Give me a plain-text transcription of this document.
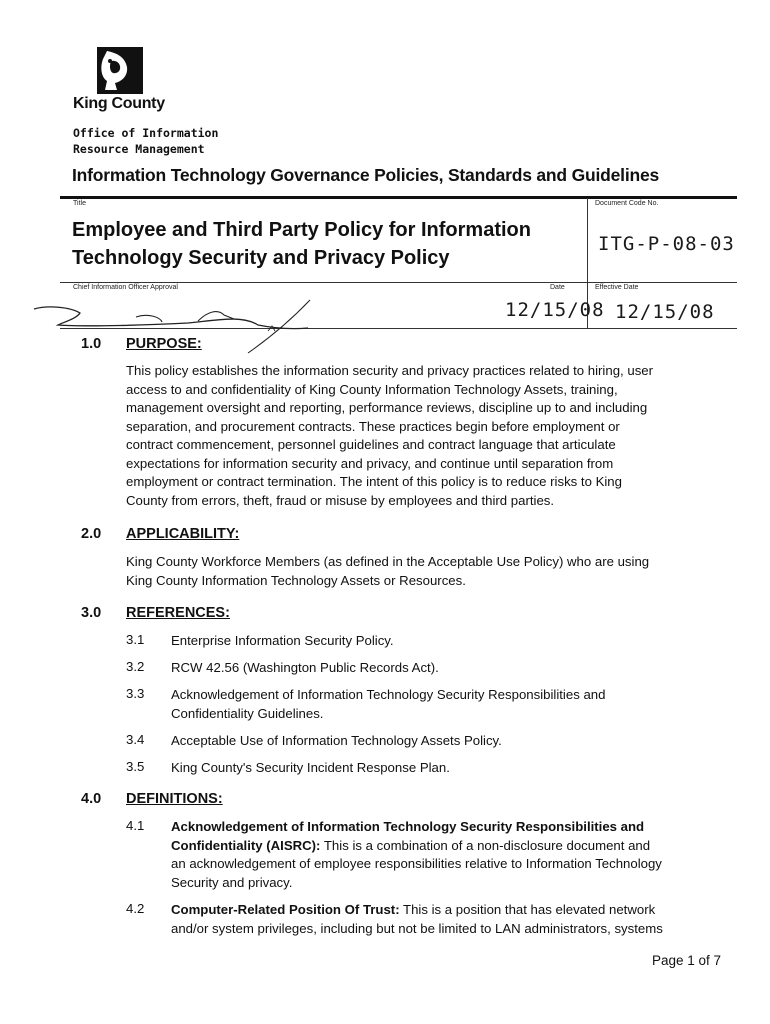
King County
Office of Information
Resource Management
Information Technology Governance Policies, Standards and Guidelines
Title	Document Code No.
Employee and Third Party Policy for Information
Technology Security and Privacy Policy
ITG-P-08-03
Chief Information Officer Approval	Date	Effective Date
12/15/08 12/15/08
1.0 PURPOSE:
This policy establishes the information security and privacy practices related to hiring, user
access to and confidentiality of King County Information Technology Assets, training,
management oversight and reporting, performance reviews, discipline up to and including
separation, and procurement contracts. These practices begin before employment or
contract commencement, personnel guidelines and contract language that articulate
expectations for information security and privacy, and continue until separation from
employment or contract termination. The intent of this policy is to reduce risks to King
County from errors, theft, fraud or misuse by employees and third parties.
2.0 APPLICABILITY:
King County Workforce Members (as defined in the Acceptable Use Policy) who are using
King County Information Technology Assets or Resources.
3.0 REFERENCES:
3.1 Enterprise Information Security Policy.
3.2 RCW 42.56 (Washington Public Records Act).
3.3 Acknowledgement of Information Technology Security Responsibilities and
Confidentiality Guidelines.
3.4 Acceptable Use of Information Technology Assets Policy.
3.5 King County's Security Incident Response Plan.
4.0 DEFINITIONS:
4.1 Acknowledgement of Information Technology Security Responsibilities and
Confidentiality (AISRC): This is a combination of a non-disclosure document and
an acknowledgement of employee responsibilities relative to Information Technology
Security and privacy.
4.2 Computer-Related Position Of Trust: This is a position that has elevated network
and/or system privileges, including but not be limited to LAN administrators, systems
Page 1 of 7
